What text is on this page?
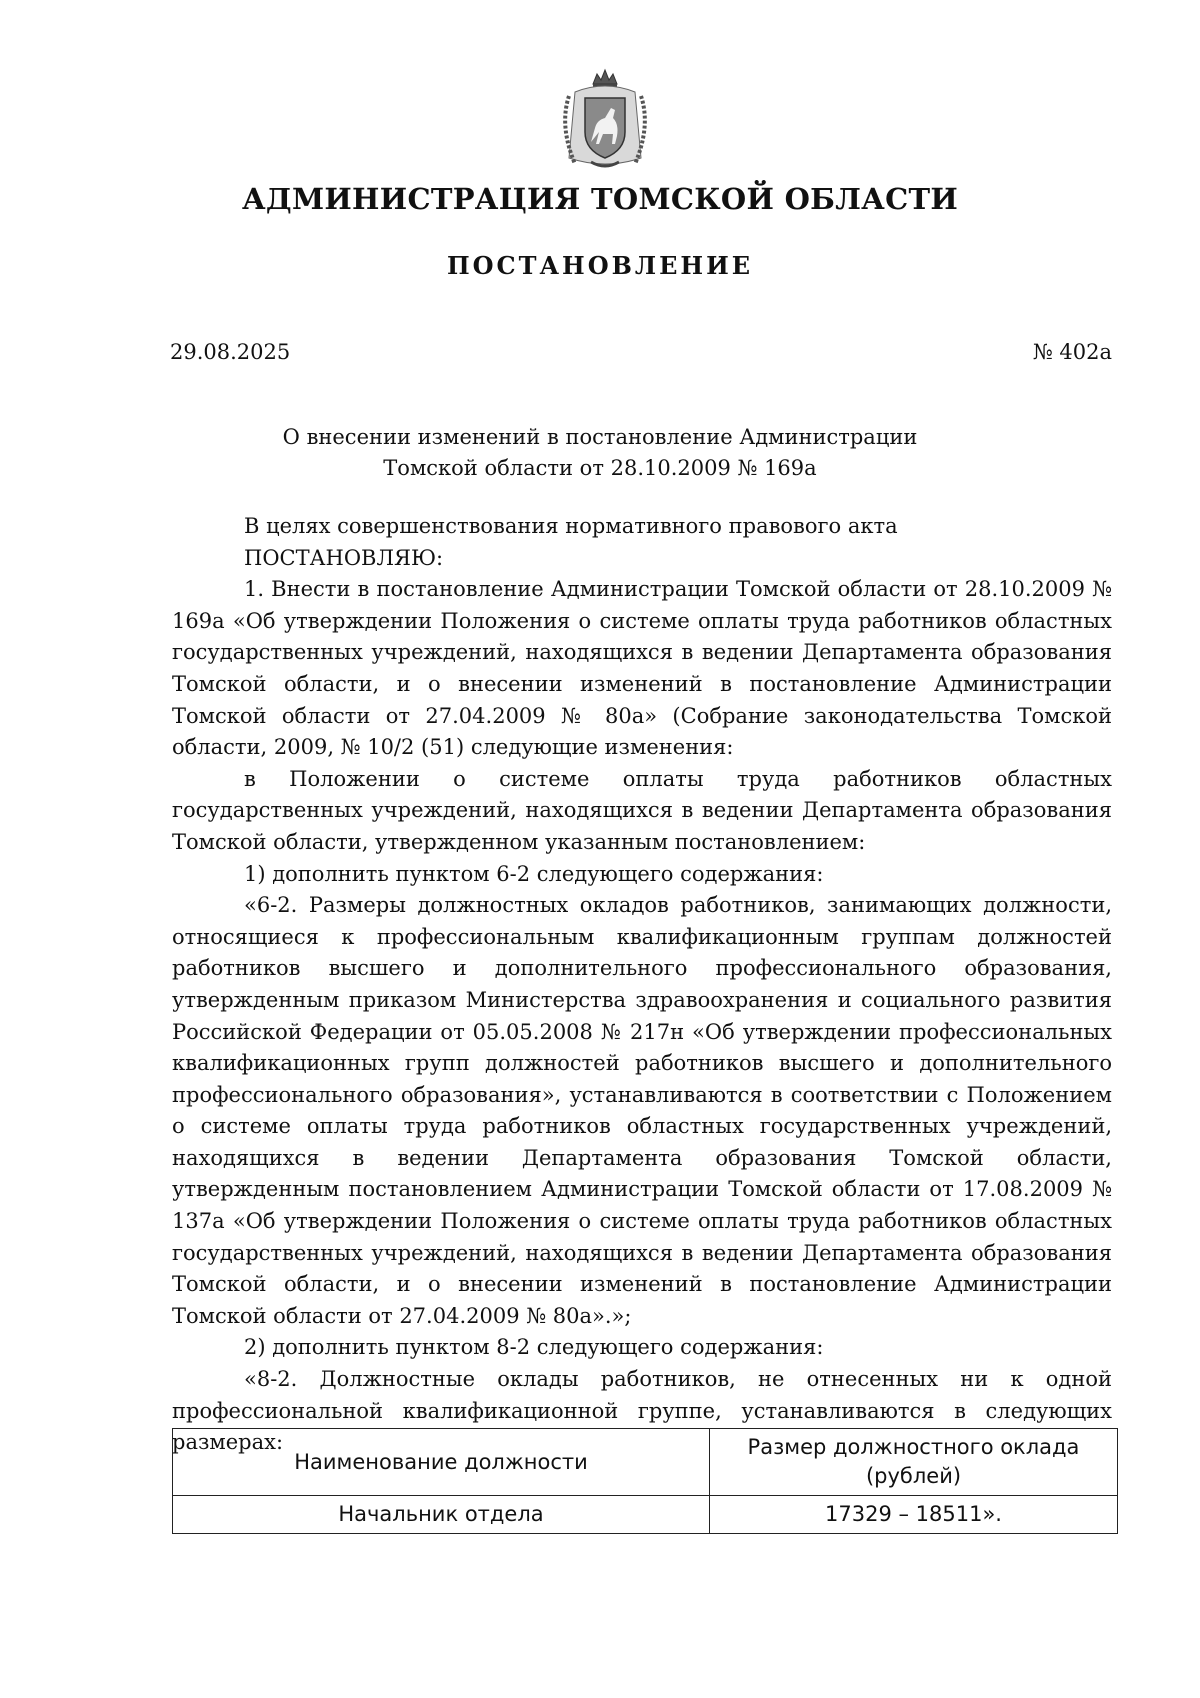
АДМИНИСТРАЦИЯ ТОМСКОЙ ОБЛАСТИ
ПОСТАНОВЛЕНИЕ
29.08.2025	№ 402а
О внесении изменений в постановление Администрации
Томской области от 28.10.2009 № 169а

В целях совершенствования нормативного правового акта

ПОСТАНОВЛЯЮ:

1. Внести в постановление Администрации Томской области от 28.10.2009 № 169а «Об утверждении Положения о системе оплаты труда работников областных государственных учреждений, находящихся в ведении Департамента образования Томской области, и о внесении изменений в постановление Администрации Томской области от 27.04.2009 № 80а» (Собрание законодательства Томской области, 2009, № 10/2 (51) следующие изменения:

в Положении о системе оплаты труда работников областных государственных учреждений, находящихся в ведении Департамента образования Томской области, утвержденном указанным постановлением:

1) дополнить пунктом 6-2 следующего содержания:

«6-2. Размеры должностных окладов работников, занимающих должности, относящиеся к профессиональным квалификационным группам должностей работников высшего и дополнительного профессионального образования, утвержденным приказом Министерства здравоохранения и социального развития Российской Федерации от 05.05.2008 № 217н «Об утверждении профессиональных квалификационных групп должностей работников высшего и дополнительного профессионального образования», устанавливаются в соответствии с Положением о системе оплаты труда работников областных государственных учреждений, находящихся в ведении Департамента образования Томской области, утвержденным постановлением Администрации Томской области от 17.08.2009 № 137а «Об утверждении Положения о системе оплаты труда работников областных государственных учреждений, находящихся в ведении Департамента образования Томской области, и о внесении изменений в постановление Администрации Томской области от 27.04.2009 № 80а».»;

2) дополнить пунктом 8-2 следующего содержания:

«8-2. Должностные оклады работников, не отнесенных ни к одной профессиональной квалификационной группе, устанавливаются в следующих размерах:

Наименование должности	Размер должностного оклада (рублей)
Начальник отдела	17329 – 18511».
